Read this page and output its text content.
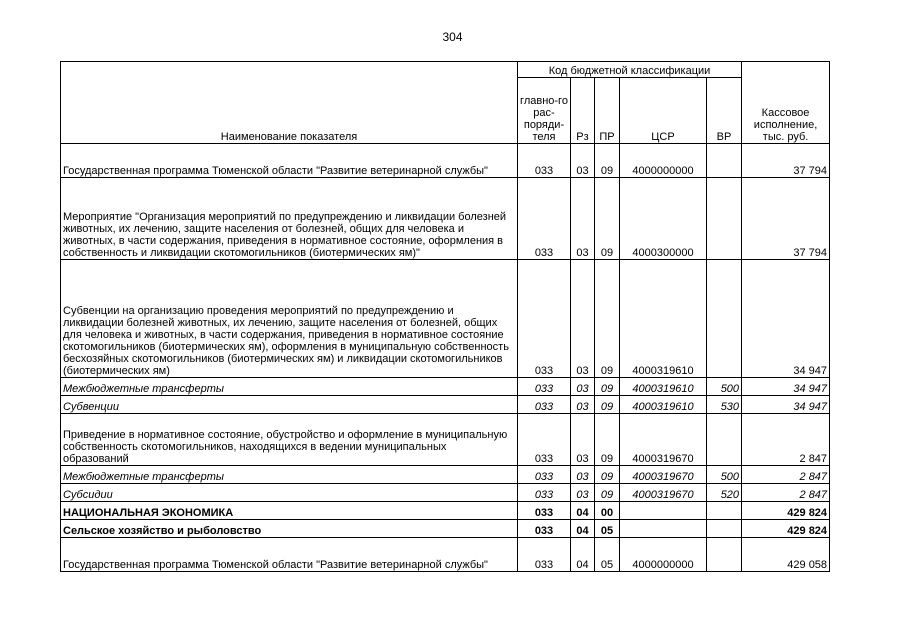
304
Наименование показателя	Код бюджетной классификации					Кассовое исполнение, тыс. руб.
	главно-го рас-поряди-теля	Рз	ПР	ЦСР	ВР	
Государственная программа Тюменской области "Развитие ветеринарной службы"	033	03	09	4000000000		37 794
Мероприятие "Организация мероприятий по предупреждению и ликвидации болезней животных, их лечению, защите населения от болезней, общих для человека и животных, в части содержания, приведения в нормативное состояние, оформления в собственность и ликвидации скотомогильников (биотермических ям)"	033	03	09	4000300000		37 794
Субвенции на организацию проведения мероприятий по предупреждению и ликвидации болезней животных, их лечению, защите населения от болезней, общих для человека и животных, в части содержания, приведения в нормативное состояние скотомогильников (биотермических ям), оформления в муниципальную собственность бесхозяйных скотомогильников (биотермических ям) и ликвидации скотомогильников (биотермических ям)	033	03	09	4000319610		34 947
Межбюджетные трансферты	033	03	09	4000319610	500	34 947
Субвенции	033	03	09	4000319610	530	34 947
Приведение в нормативное состояние, обустройство и оформление в муниципальную собственность скотомогильников, находящихся в ведении муниципальных образований	033	03	09	4000319670		2 847
Межбюджетные трансферты	033	03	09	4000319670	500	2 847
Субсидии	033	03	09	4000319670	520	2 847
НАЦИОНАЛЬНАЯ ЭКОНОМИКА	033	04	00			429 824
Сельское хозяйство и рыболовство	033	04	05			429 824
Государственная программа Тюменской области "Развитие ветеринарной службы"	033	04	05	4000000000		429 058
